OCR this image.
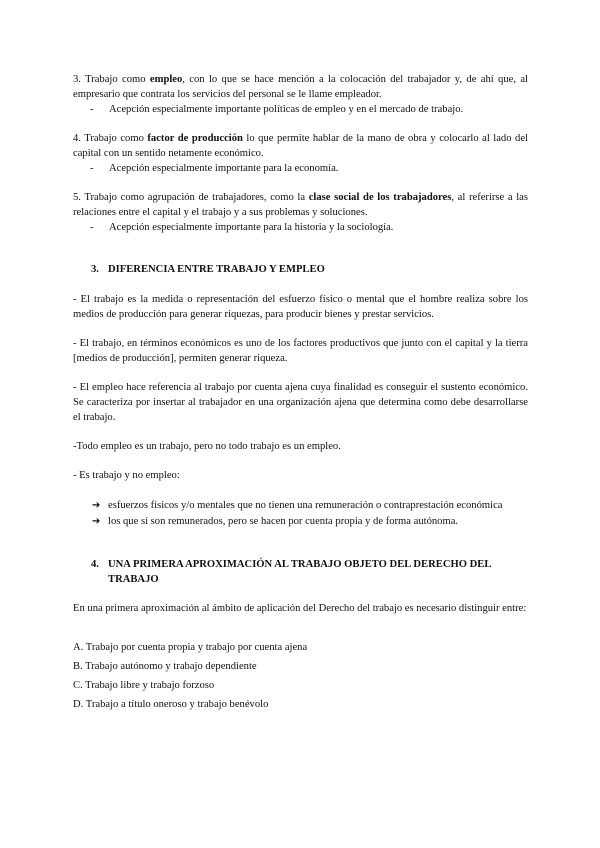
3. Trabajo como empleo, con lo que se hace mención a la colocación del trabajador y, de ahí que, al empresario que contrata los servicios del personal se le llame empleador.

- Acepción especialmente importante políticas de empleo y en el mercado de trabajo.

4. Trabajo como factor de producción lo que permite hablar de la mano de obra y colocarlo al lado del capital con un sentido netamente económico.

- Acepción especialmente importante para la economía.

5. Trabajo como agrupación de trabajadores, como la clase social de los trabajadores, al referirse a las relaciones entre el capital y el trabajo y a sus problemas y soluciones.

- Acepción especialmente importante para la historia y la sociología.

3. DIFERENCIA ENTRE TRABAJO Y EMPLEO

- El trabajo es la medida o representación del esfuerzo físico o mental que el hombre realiza sobre los medios de producción para generar riquezas, para producir bienes y prestar servicios.

- El trabajo, en términos económicos es uno de los factores productivos que junto con el capital y la tierra [medios de producción], permiten generar riqueza.

- El empleo hace referencia al trabajo por cuenta ajena cuya finalidad es conseguir el sustento económico. Se caracteriza por insertar al trabajador en una organización ajena que determina como debe desarrollarse el trabajo.

-Todo empleo es un trabajo, pero no todo trabajo es un empleo.

- Es trabajo y no empleo:

➔ esfuerzos físicos y/o mentales que no tienen una remuneración o contraprestación económica

➔ los que sí son remunerados, pero se hacen por cuenta propia y de forma autónoma.

4. UNA PRIMERA APROXIMACIÓN AL TRABAJO OBJETO DEL DERECHO DEL

TRABAJO

En una primera aproximación al ámbito de aplicación del Derecho del trabajo es necesario distinguir entre:

A. Trabajo por cuenta propia y trabajo por cuenta ajena

B. Trabajo autónomo y trabajo dependiente

C. Trabajo libre y trabajo forzoso

D. Trabajo a título oneroso y trabajo benévolo
